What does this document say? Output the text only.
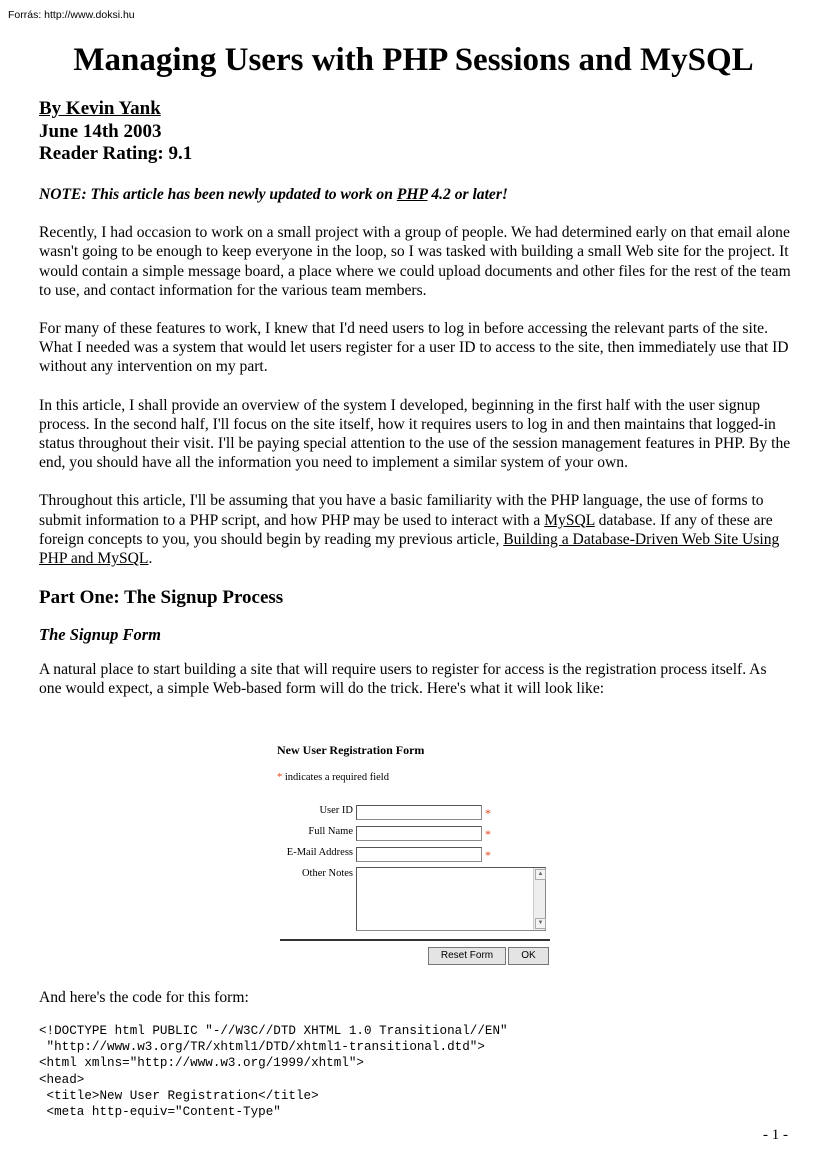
Forrás: http://www.doksi.hu
Managing Users with PHP Sessions and MySQL
By Kevin Yank
June 14th 2003
Reader Rating: 9.1

NOTE: This article has been newly updated to work on PHP 4.2 or later!

Recently, I had occasion to work on a small project with a group of people. We had determined early on that email alone wasn't going to be enough to keep everyone in the loop, so I was tasked with building a small Web site for the project. It would contain a simple message board, a place where we could upload documents and other files for the rest of the team to use, and contact information for the various team members.

For many of these features to work, I knew that I'd need users to log in before accessing the relevant parts of the site. What I needed was a system that would let users register for a user ID to access to the site, then immediately use that ID without any intervention on my part.

In this article, I shall provide an overview of the system I developed, beginning in the first half with the user signup process. In the second half, I'll focus on the site itself, how it requires users to log in and then maintains that logged-in status throughout their visit. I'll be paying special attention to the use of the session management features in PHP. By the end, you should have all the information you need to implement a similar system of your own.

Throughout this article, I'll be assuming that you have a basic familiarity with the PHP language, the use of forms to submit information to a PHP script, and how PHP may be used to interact with a MySQL database. If any of these are foreign concepts to you, you should begin by reading my previous article, Building a Database-Driven Web Site Using PHP and MySQL.

Part One: The Signup Process
The Signup Form

A natural place to start building a site that will require users to register for access is the registration process itself. As one would expect, a simple Web-based form will do the trick. Here's what it will look like:

New User Registration Form
* indicates a required field
User ID	*
Full Name	*
E-Mail Address	*
Other Notes	▲
▼
Reset Form	OK
And here's the code for this form:
<!DOCTYPE html PUBLIC "-//W3C//DTD XHTML 1.0 Transitional//EN"
"http://www.w3.org/TR/xhtml1/DTD/xhtml1-transitional.dtd">
<html xmlns="http://www.w3.org/1999/xhtml">
<head>
<title>New User Registration</title>
<meta http-equiv="Content-Type"
- 1 -
